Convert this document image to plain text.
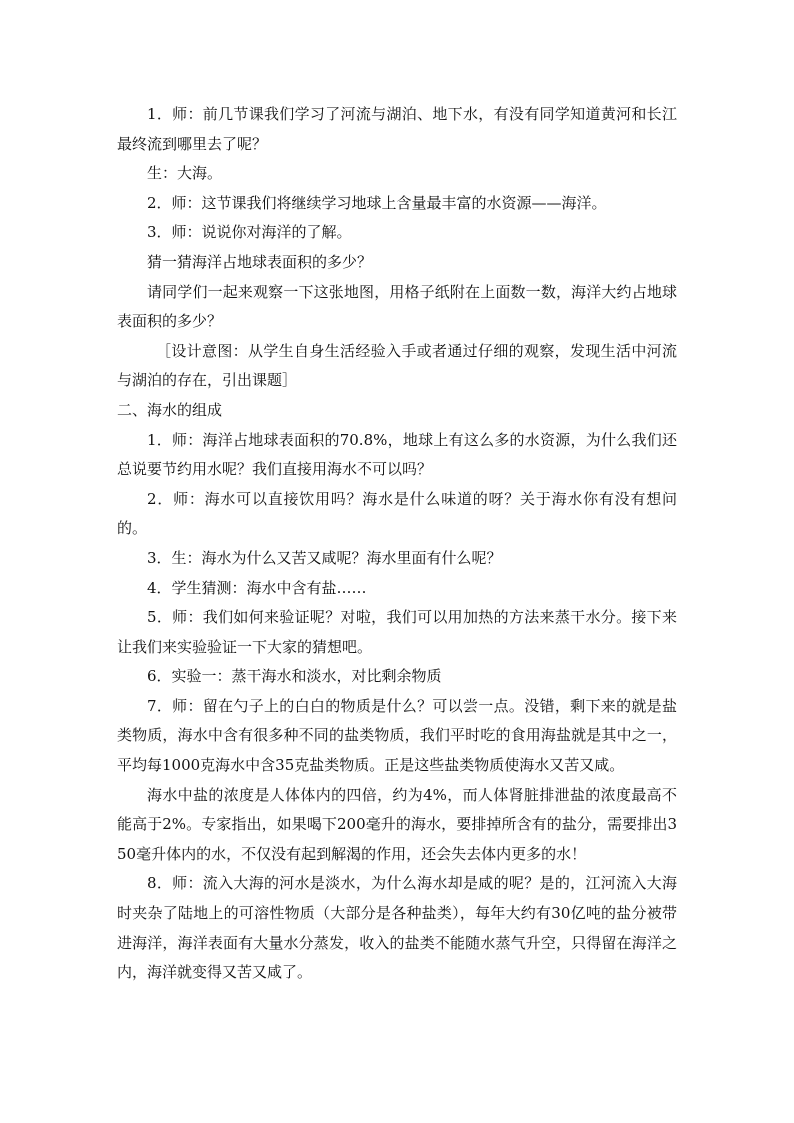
1．师：前几节课我们学习了河流与湖泊、地下水，有没有同学知道黄河和长江最终流到哪里去了呢？

生：大海。

2．师：这节课我们将继续学习地球上含量最丰富的水资源——海洋。

3．师：说说你对海洋的了解。

猜一猜海洋占地球表面积的多少？

请同学们一起来观察一下这张地图，用格子纸附在上面数一数，海洋大约占地球表面积的多少？

［设计意图：从学生自身生活经验入手或者通过仔细的观察，发现生活中河流与湖泊的存在，引出课题］

二、海水的组成

1．师：海洋占地球表面积的70.8%，地球上有这么多的水资源，为什么我们还总说要节约用水呢？我们直接用海水不可以吗？

2．师：海水可以直接饮用吗？海水是什么味道的呀？关于海水你有没有想问的。

3．生：海水为什么又苦又咸呢？海水里面有什么呢？

4．学生猜测：海水中含有盐……

5．师：我们如何来验证呢？对啦，我们可以用加热的方法来蒸干水分。接下来让我们来实验验证一下大家的猜想吧。

6．实验一：蒸干海水和淡水，对比剩余物质

7．师：留在勺子上的白白的物质是什么？可以尝一点。没错，剩下来的就是盐类物质，海水中含有很多种不同的盐类物质，我们平时吃的食用海盐就是其中之一，平均每1000克海水中含35克盐类物质。正是这些盐类物质使海水又苦又咸。

海水中盐的浓度是人体体内的四倍，约为4%，而人体肾脏排泄盐的浓度最高不能高于2%。专家指出，如果喝下200毫升的海水，要排掉所含有的盐分，需要排出350毫升体内的水，不仅没有起到解渴的作用，还会失去体内更多的水！

8．师：流入大海的河水是淡水，为什么海水却是咸的呢？是的，江河流入大海时夹杂了陆地上的可溶性物质（大部分是各种盐类），每年大约有30亿吨的盐分被带进海洋，海洋表面有大量水分蒸发，收入的盐类不能随水蒸气升空，只得留在海洋之内，海洋就变得又苦又咸了。
